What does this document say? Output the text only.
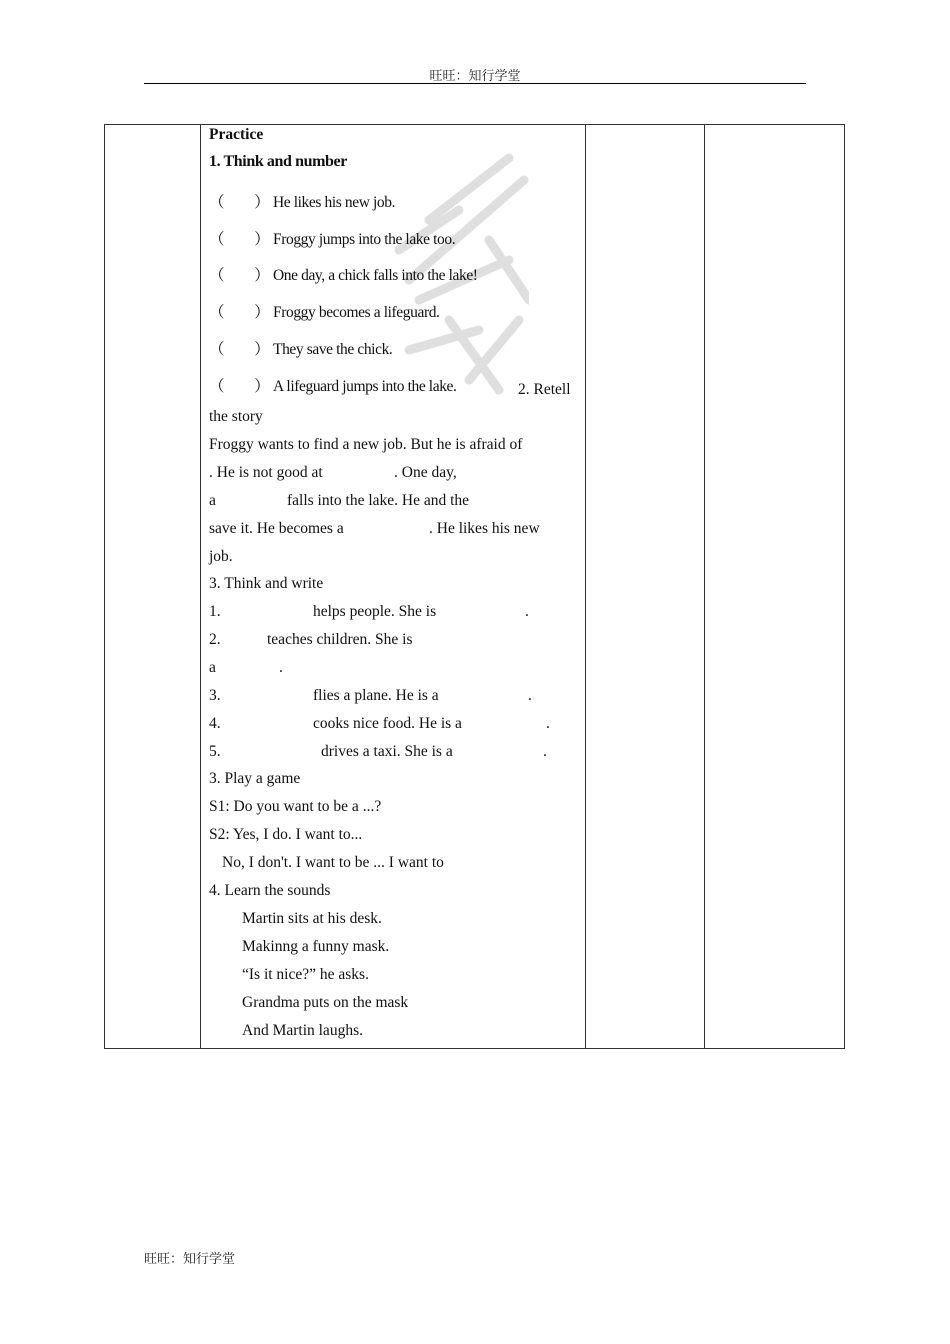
旺旺：知行学堂
Practice
the story
Froggy wants to find a new job. But he is afraid of
. He is not good at	. One day,
a	falls into the lake. He and the
save it. He becomes a	. He likes his new
job.
3. Think and write
1.	helps people. She is	.
2.	teaches children. She is
a	.
3.	flies a plane. He is a	.
4.	cooks nice food. He is a	.
5.	drives a taxi. She is a	.
3. Play a game
S1: Do you want to be a ...?
S2: Yes, I do. I want to...
No, I don't. I want to be ... I want to
4. Learn the sounds
Martin sits at his desk.
Makinng a funny mask.
“Is it nice?” he asks.
Grandma puts on the mask
And Martin laughs.
1. Think and number
（　　） He likes his new job.
（　　） Froggy jumps into the lake too.
（　　） One day, a chick falls into the lake!
（　　） Froggy becomes a lifeguard.
（　　） They save the chick.
（　　） A lifeguard jumps into the lake.	2. Retell
旺旺：知行学堂
